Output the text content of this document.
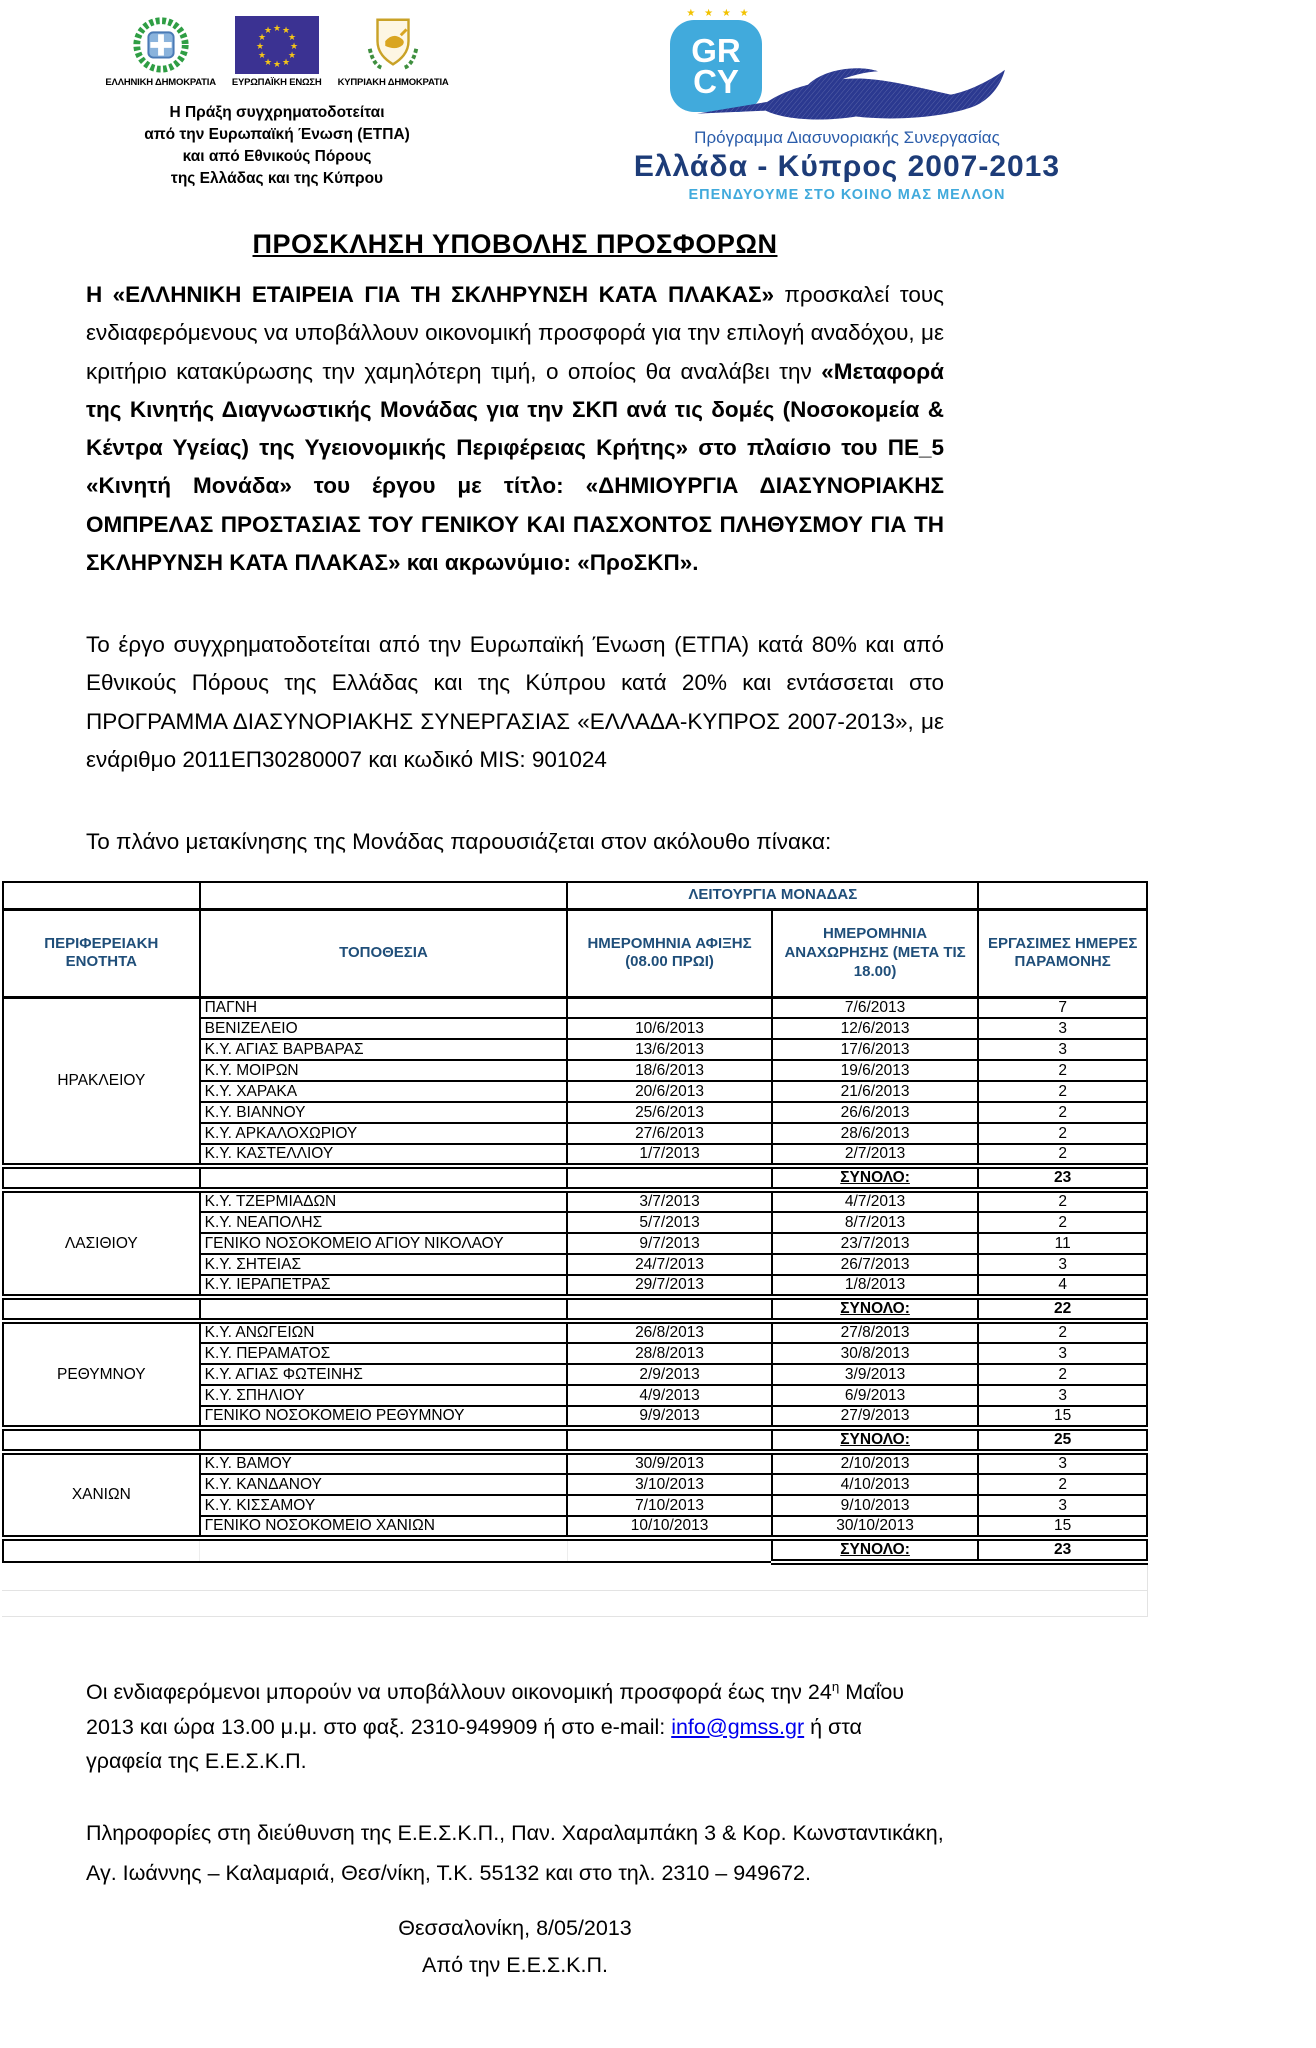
ΕΛΛΗΝΙΚΗ ΔΗΜΟΚΡΑΤΙΑ
★ ★
★
★
★
★
★
★
★
★
★
★
ΕΥΡΩΠΑΪΚΗ ΕΝΩΣΗ ΚΥΠΡΙΑΚΗ ΔΗΜΟΚΡΑΤΙΑ
Η Πράξη συγχρηματοδοτείται
από την Ευρωπαϊκή Ένωση (ΕΤΠΑ)
και από Εθνικούς Πόρους
της Ελλάδας και της Κύπρου
★ ★ ★ ★
GR
CY
Πρόγραμμα Διασυνοριακής Συνεργασίας
Ελλάδα - Κύπρος 2007-2013
ΕΠΕΝΔΥΟΥΜΕ ΣΤΟ ΚΟΙΝΟ ΜΑΣ ΜΕΛΛΟΝ
ΠΡΟΣΚΛΗΣΗ ΥΠΟΒΟΛΗΣ ΠΡΟΣΦΟΡΩΝ

Η «ΕΛΛΗΝΙΚΗ ΕΤΑΙΡΕΙΑ ΓΙΑ ΤΗ ΣΚΛΗΡΥΝΣΗ ΚΑΤΑ ΠΛΑΚΑΣ» προσκαλεί τους ενδιαφερόμενους να υποβάλλουν οικονομική προσφορά για την επιλογή αναδόχου, με κριτήριο κατακύρωσης την χαμηλότερη τιμή, ο οποίος θα αναλάβει την «Μεταφορά της Κινητής Διαγνωστικής Μονάδας για την ΣΚΠ ανά τις δομές (Νοσοκομεία & Κέντρα Υγείας) της Υγειονομικής Περιφέρειας Κρήτης» στο πλαίσιο του ΠΕ_5 «Κινητή Μονάδα» του έργου με τίτλο: «ΔΗΜΙΟΥΡΓΙΑ ΔΙΑΣΥΝΟΡΙΑΚΗΣ ΟΜΠΡΕΛΑΣ ΠΡΟΣΤΑΣΙΑΣ ΤΟΥ ΓΕΝΙΚΟΥ ΚΑΙ ΠΑΣΧΟΝΤΟΣ ΠΛΗΘΥΣΜΟΥ ΓΙΑ ΤΗ ΣΚΛΗΡΥΝΣΗ ΚΑΤΑ ΠΛΑΚΑΣ» και ακρωνύμιο: «ΠροΣΚΠ».

Το έργο συγχρηματοδοτείται από την Ευρωπαϊκή Ένωση (ΕΤΠΑ) κατά 80% και από Εθνικούς Πόρους της Ελλάδας και της Κύπρου κατά 20% και εντάσσεται στο ΠΡΟΓΡΑΜΜΑ ΔΙΑΣΥΝΟΡΙΑΚΗΣ ΣΥΝΕΡΓΑΣΙΑΣ «ΕΛΛΑΔΑ-ΚΥΠΡΟΣ 2007-2013», με ενάριθμο 2011ΕΠ30280007 και κωδικό MIS: 901024

Το πλάνο μετακίνησης της Μονάδας παρουσιάζεται στον ακόλουθο πίνακα:

		ΛΕΙΤΟΥΡΓΙΑ ΜΟΝΑΔΑΣ		
ΠΕΡΙΦΕΡΕΙΑΚΗ ΕΝΟΤΗΤΑ	ΤΟΠΟΘΕΣΙΑ	ΗΜΕΡΟΜΗΝΙΑ ΑΦΙΞΗΣ (08.00 ΠΡΩΙ)	ΗΜΕΡΟΜΗΝΙΑ ΑΝΑΧΩΡΗΣΗΣ (ΜΕΤΑ ΤΙΣ 18.00)	ΕΡΓΑΣΙΜΕΣ ΗΜΕΡΕΣ ΠΑΡΑΜΟΝΗΣ
ΗΡΑΚΛΕΙΟΥ	ΠΑΓΝΗ		7/6/2013	7
	ΒΕΝΙΖΕΛΕΙΟ	10/6/2013	12/6/2013	3
	Κ.Υ. ΑΓΙΑΣ ΒΑΡΒΑΡΑΣ	13/6/2013	17/6/2013	3
	Κ.Υ. ΜΟΙΡΩΝ	18/6/2013	19/6/2013	2
	Κ.Υ. ΧΑΡΑΚΑ	20/6/2013	21/6/2013	2
	Κ.Υ. ΒΙΑΝΝΟΥ	25/6/2013	26/6/2013	2
	Κ.Υ. ΑΡΚΑΛΟΧΩΡΙΟΥ	27/6/2013	28/6/2013	2
	Κ.Υ. ΚΑΣΤΕΛΛΙΟΥ	1/7/2013	2/7/2013	2
			ΣΥΝΟΛΟ:	23
ΛΑΣΙΘΙΟΥ	Κ.Υ. ΤΖΕΡΜΙΑΔΩΝ	3/7/2013	4/7/2013	2
	Κ.Υ. ΝΕΑΠΟΛΗΣ	5/7/2013	8/7/2013	2
	ΓΕΝΙΚΟ ΝΟΣΟΚΟΜΕΙΟ ΑΓΙΟΥ ΝΙΚΟΛΑΟΥ	9/7/2013	23/7/2013	11
	Κ.Υ. ΣΗΤΕΙΑΣ	24/7/2013	26/7/2013	3
	Κ.Υ. ΙΕΡΑΠΕΤΡΑΣ	29/7/2013	1/8/2013	4
			ΣΥΝΟΛΟ:	22
ΡΕΘΥΜΝΟΥ	Κ.Υ. ΑΝΩΓΕΙΩΝ	26/8/2013	27/8/2013	2
	Κ.Υ. ΠΕΡΑΜΑΤΟΣ	28/8/2013	30/8/2013	3
	Κ.Υ. ΑΓΙΑΣ ΦΩΤΕΙΝΗΣ	2/9/2013	3/9/2013	2
	Κ.Υ. ΣΠΗΛΙΟΥ	4/9/2013	6/9/2013	3
	ΓΕΝΙΚΟ ΝΟΣΟΚΟΜΕΙΟ ΡΕΘΥΜΝΟΥ	9/9/2013	27/9/2013	15
			ΣΥΝΟΛΟ:	25
ΧΑΝΙΩΝ	Κ.Υ. ΒΑΜΟΥ	30/9/2013	2/10/2013	3
	Κ.Υ. ΚΑΝΔΑΝΟΥ	3/10/2013	4/10/2013	2
	Κ.Υ. ΚΙΣΣΑΜΟΥ	7/10/2013	9/10/2013	3
	ΓΕΝΙΚΟ ΝΟΣΟΚΟΜΕΙΟ ΧΑΝΙΩΝ	10/10/2013	30/10/2013	15
			ΣΥΝΟΛΟ:	23

Οι ενδιαφερόμενοι μπορούν να υποβάλλουν οικονομική προσφορά έως την $24^\eta$ Μαΐου 2013 και ώρα 13.00 μ.μ. στο φαξ. 2310-949909 ή στο e-mail: info@gmss.gr ή στα γραφεία της Ε.Ε.Σ.Κ.Π.

Πληροφορίες στη διεύθυνση της Ε.Ε.Σ.Κ.Π., Παν. Χαραλαμπάκη 3 & Κορ. Κωνσταντικάκη, Αγ. Ιωάννης – Καλαμαριά, Θεσ/νίκη, Τ.Κ. 55132 και στο τηλ. 2310 – 949672.

Θεσσαλονίκη, 8/05/2013
Από την Ε.Ε.Σ.Κ.Π.
